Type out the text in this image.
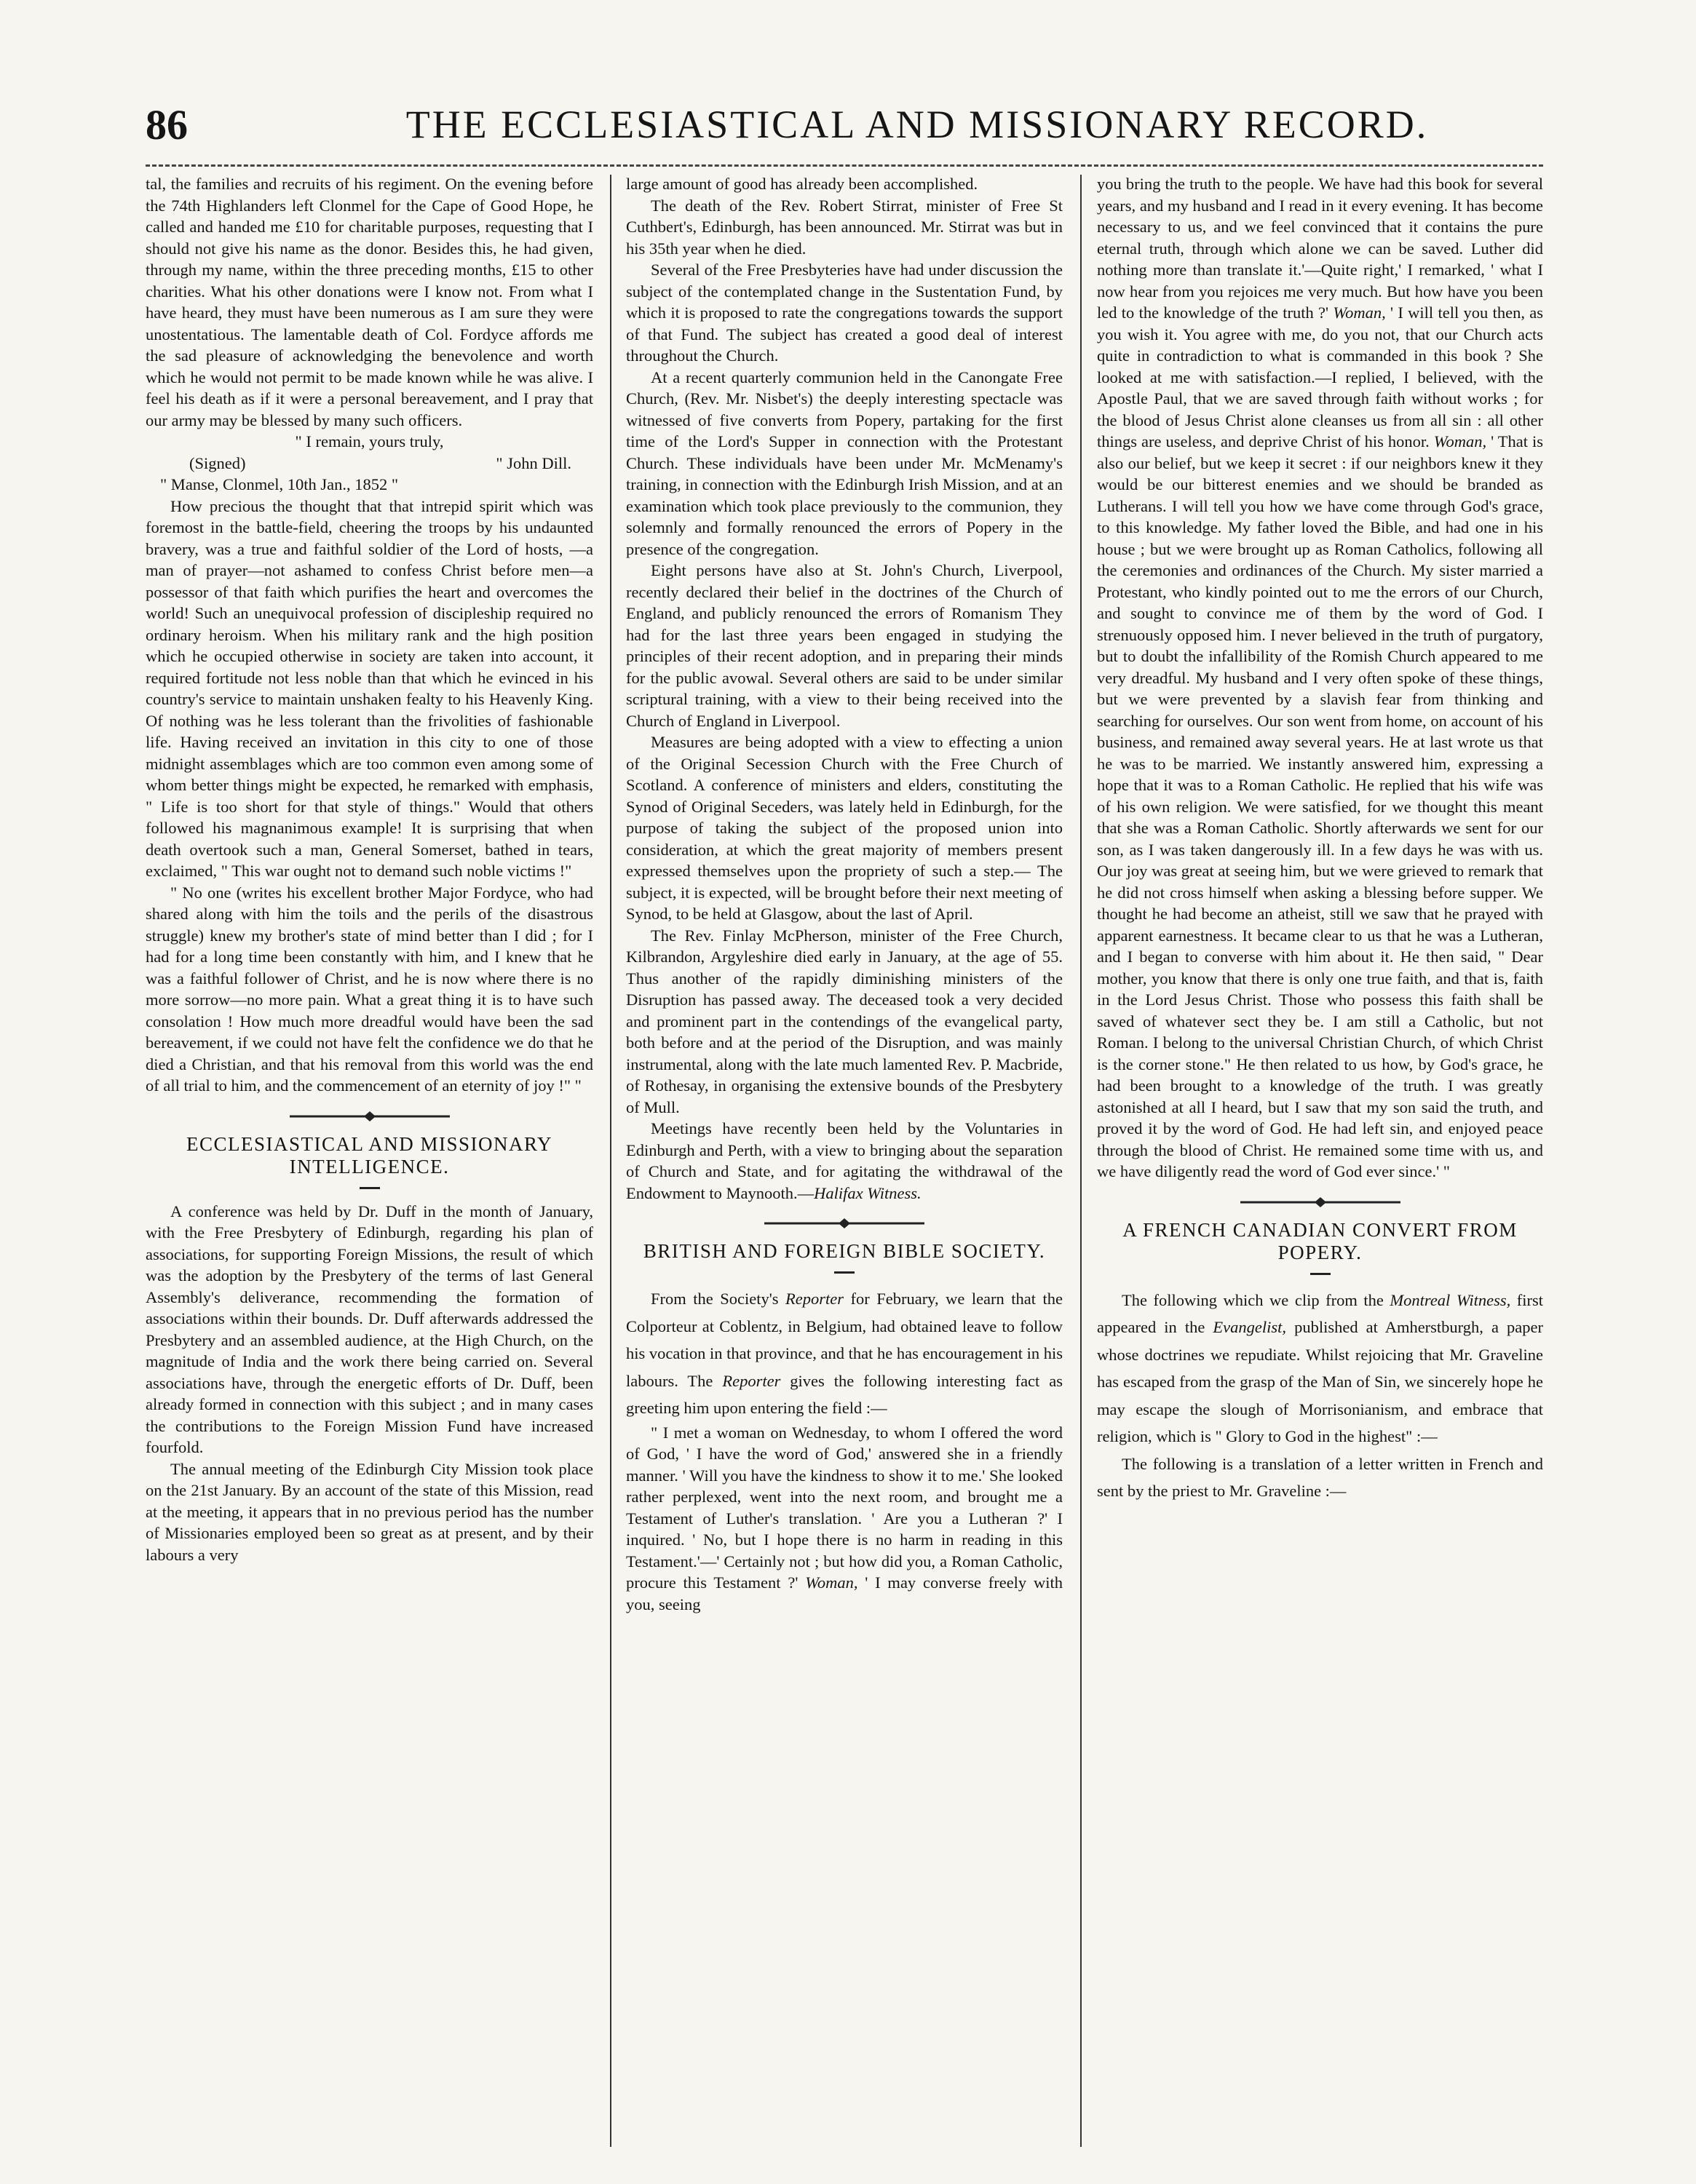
86	THE ECCLESIASTICAL AND MISSIONARY RECORD.

tal, the families and recruits of his regiment. On the evening before the 74th Highlanders left Clonmel for the Cape of Good Hope, he called and handed me £10 for charitable purposes, requesting that I should not give his name as the donor. Besides this, he had given, through my name, within the three preceding months, £15 to other charities. What his other donations were I know not. From what I have heard, they must have been numerous as I am sure they were unostentatious. The lamentable death of Col. Fordyce affords me the sad pleasure of acknowledging the benevolence and worth which he would not permit to be made known while he was alive. I feel his death as if it were a personal bereavement, and I pray that our army may be blessed by many such officers.

" I remain, yours truly,
(Signed)	" John Dill.

" Manse, Clonmel, 10th Jan., 1852 "

How precious the thought that that intrepid spirit which was foremost in the battle-field, cheering the troops by his undaunted bravery, was a true and faithful soldier of the Lord of hosts, —a man of prayer—not ashamed to confess Christ before men—a possessor of that faith which purifies the heart and overcomes the world! Such an unequivocal profession of discipleship required no ordinary heroism. When his military rank and the high position which he occupied otherwise in society are taken into account, it required fortitude not less noble than that which he evinced in his country's service to maintain unshaken fealty to his Heavenly King. Of nothing was he less tolerant than the frivolities of fashionable life. Having received an invitation in this city to one of those midnight assemblages which are too common even among some of whom better things might be expected, he remarked with emphasis, " Life is too short for that style of things." Would that others followed his magnanimous example! It is surprising that when death overtook such a man, General Somerset, bathed in tears, exclaimed, " This war ought not to demand such noble victims !"

" No one (writes his excellent brother Major Fordyce, who had shared along with him the toils and the perils of the disastrous struggle) knew my brother's state of mind better than I did ; for I had for a long time been constantly with him, and I knew that he was a faithful follower of Christ, and he is now where there is no more sorrow—no more pain. What a great thing it is to have such consolation ! How much more dreadful would have been the sad bereavement, if we could not have felt the confidence we do that he died a Christian, and that his removal from this world was the end of all trial to him, and the commencement of an eternity of joy !" "

ECCLESIASTICAL AND MISSIONARY INTELLIGENCE.

A conference was held by Dr. Duff in the month of January, with the Free Presbytery of Edinburgh, regarding his plan of associations, for supporting Foreign Missions, the result of which was the adoption by the Presbytery of the terms of last General Assembly's deliverance, recommending the formation of associations within their bounds. Dr. Duff afterwards addressed the Presbytery and an assembled audience, at the High Church, on the magnitude of India and the work there being carried on. Several associations have, through the energetic efforts of Dr. Duff, been already formed in connection with this subject ; and in many cases the contributions to the Foreign Mission Fund have increased fourfold.

The annual meeting of the Edinburgh City Mission took place on the 21st January. By an account of the state of this Mission, read at the meeting, it appears that in no previous period has the number of Missionaries employed been so great as at present, and by their labours a very

large amount of good has already been accomplished.

The death of the Rev. Robert Stirrat, minister of Free St Cuthbert's, Edinburgh, has been announced. Mr. Stirrat was but in his 35th year when he died.

Several of the Free Presbyteries have had under discussion the subject of the contemplated change in the Sustentation Fund, by which it is proposed to rate the congregations towards the support of that Fund. The subject has created a good deal of interest throughout the Church.

At a recent quarterly communion held in the Canongate Free Church, (Rev. Mr. Nisbet's) the deeply interesting spectacle was witnessed of five converts from Popery, partaking for the first time of the Lord's Supper in connection with the Protestant Church. These individuals have been under Mr. McMenamy's training, in connection with the Edinburgh Irish Mission, and at an examination which took place previously to the communion, they solemnly and formally renounced the errors of Popery in the presence of the congregation.

Eight persons have also at St. John's Church, Liverpool, recently declared their belief in the doctrines of the Church of England, and publicly renounced the errors of Romanism They had for the last three years been engaged in studying the principles of their recent adoption, and in preparing their minds for the public avowal. Several others are said to be under similar scriptural training, with a view to their being received into the Church of England in Liverpool.

Measures are being adopted with a view to effecting a union of the Original Secession Church with the Free Church of Scotland. A conference of ministers and elders, constituting the Synod of Original Seceders, was lately held in Edinburgh, for the purpose of taking the subject of the proposed union into consideration, at which the great majority of members present expressed themselves upon the propriety of such a step.— The subject, it is expected, will be brought before their next meeting of Synod, to be held at Glasgow, about the last of April.

The Rev. Finlay McPherson, minister of the Free Church, Kilbrandon, Argyleshire died early in January, at the age of 55. Thus another of the rapidly diminishing ministers of the Disruption has passed away. The deceased took a very decided and prominent part in the contendings of the evangelical party, both before and at the period of the Disruption, and was mainly instrumental, along with the late much lamented Rev. P. Macbride, of Rothesay, in organising the extensive bounds of the Presbytery of Mull.

Meetings have recently been held by the Voluntaries in Edinburgh and Perth, with a view to bringing about the separation of Church and State, and for agitating the withdrawal of the Endowment to Maynooth.—Halifax Witness.

BRITISH AND FOREIGN BIBLE SOCIETY.

From the Society's Reporter for February, we learn that the Colporteur at Coblentz, in Belgium, had obtained leave to follow his vocation in that province, and that he has encouragement in his labours. The Reporter gives the following interesting fact as greeting him upon entering the field :—

" I met a woman on Wednesday, to whom I offered the word of God, ' I have the word of God,' answered she in a friendly manner. ' Will you have the kindness to show it to me.' She looked rather perplexed, went into the next room, and brought me a Testament of Luther's translation. ' Are you a Lutheran ?' I inquired. ' No, but I hope there is no harm in reading in this Testament.'—' Certainly not ; but how did you, a Roman Catholic, procure this Testament ?' Woman, ' I may converse freely with you, seeing

you bring the truth to the people. We have had this book for several years, and my husband and I read in it every evening. It has become necessary to us, and we feel convinced that it contains the pure eternal truth, through which alone we can be saved. Luther did nothing more than translate it.'—Quite right,' I remarked, ' what I now hear from you rejoices me very much. But how have you been led to the knowledge of the truth ?' Woman, ' I will tell you then, as you wish it. You agree with me, do you not, that our Church acts quite in contradiction to what is commanded in this book ? She looked at me with satisfaction.—I replied, I believed, with the Apostle Paul, that we are saved through faith without works ; for the blood of Jesus Christ alone cleanses us from all sin : all other things are useless, and deprive Christ of his honor. Woman, ' That is also our belief, but we keep it secret : if our neighbors knew it they would be our bitterest enemies and we should be branded as Lutherans. I will tell you how we have come through God's grace, to this knowledge. My father loved the Bible, and had one in his house ; but we were brought up as Roman Catholics, following all the ceremonies and ordinances of the Church. My sister married a Protestant, who kindly pointed out to me the errors of our Church, and sought to convince me of them by the word of God. I strenuously opposed him. I never believed in the truth of purgatory, but to doubt the infallibility of the Romish Church appeared to me very dreadful. My husband and I very often spoke of these things, but we were prevented by a slavish fear from thinking and searching for ourselves. Our son went from home, on account of his business, and remained away several years. He at last wrote us that he was to be married. We instantly answered him, expressing a hope that it was to a Roman Catholic. He replied that his wife was of his own religion. We were satisfied, for we thought this meant that she was a Roman Catholic. Shortly afterwards we sent for our son, as I was taken dangerously ill. In a few days he was with us. Our joy was great at seeing him, but we were grieved to remark that he did not cross himself when asking a blessing before supper. We thought he had become an atheist, still we saw that he prayed with apparent earnestness. It became clear to us that he was a Lutheran, and I began to converse with him about it. He then said, " Dear mother, you know that there is only one true faith, and that is, faith in the Lord Jesus Christ. Those who possess this faith shall be saved of whatever sect they be. I am still a Catholic, but not Roman. I belong to the universal Christian Church, of which Christ is the corner stone." He then related to us how, by God's grace, he had been brought to a knowledge of the truth. I was greatly astonished at all I heard, but I saw that my son said the truth, and proved it by the word of God. He had left sin, and enjoyed peace through the blood of Christ. He remained some time with us, and we have diligently read the word of God ever since.' "

A FRENCH CANADIAN CONVERT FROM POPERY.

The following which we clip from the Montreal Witness, first appeared in the Evangelist, published at Amherstburgh, a paper whose doctrines we repudiate. Whilst rejoicing that Mr. Graveline has escaped from the grasp of the Man of Sin, we sincerely hope he may escape the slough of Morrisonianism, and embrace that religion, which is " Glory to God in the highest" :—

The following is a translation of a letter written in French and sent by the priest to Mr. Graveline :—
